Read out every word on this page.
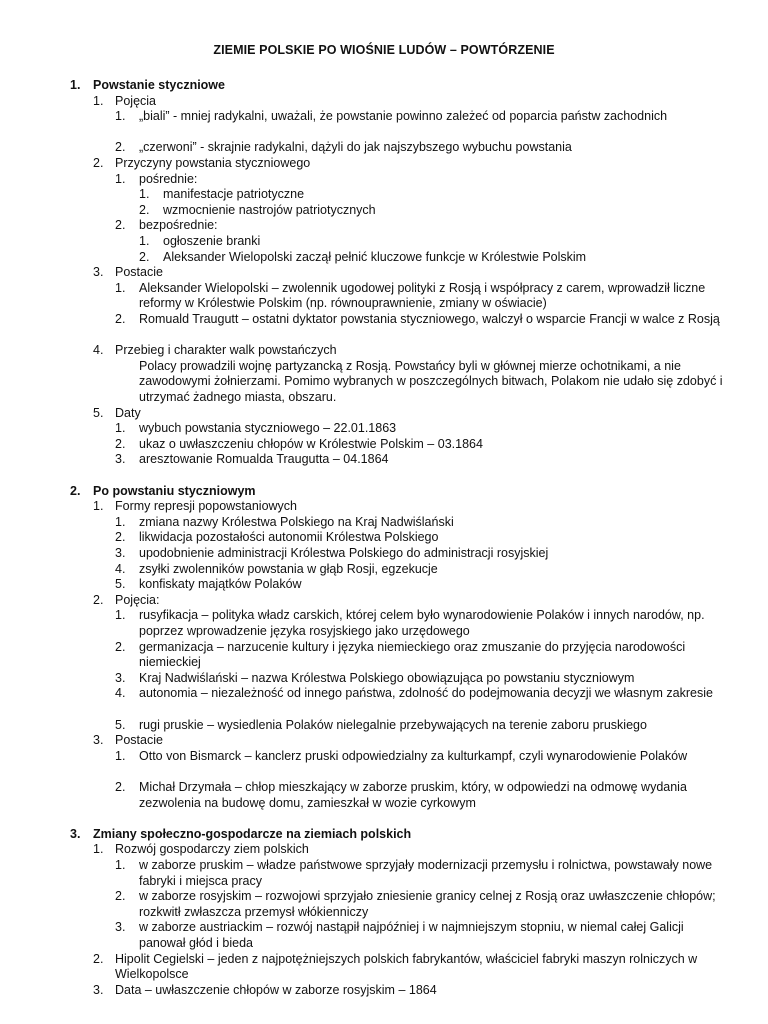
ZIEMIE POLSKIE PO WIOŚNIE LUDÓW – POWTÓRZENIE
1. Powstanie styczniowe
1. Pojęcia
1. „biali” - mniej radykalni, uważali, że powstanie powinno zależeć od poparcia państw zachodnich
2. „czerwoni” - skrajnie radykalni, dążyli do jak najszybszego wybuchu powstania
2. Przyczyny powstania styczniowego
1. pośrednie:
1. manifestacje patriotyczne
2. wzmocnienie nastrojów patriotycznych
2. bezpośrednie:
1. ogłoszenie branki
2. Aleksander Wielopolski zaczął pełnić kluczowe funkcje w Królestwie Polskim
3. Postacie
1. Aleksander Wielopolski – zwolennik ugodowej polityki z Rosją i współpracy z carem, wprowadził liczne reformy w Królestwie Polskim (np. równouprawnienie, zmiany w oświacie)
2. Romuald Traugutt – ostatni dyktator powstania styczniowego, walczył o wsparcie Francji w walce z Rosją
4. Przebieg i charakter walk powstańczych
Polacy prowadzili wojnę partyzancką z Rosją. Powstańcy byli w głównej mierze ochotnikami, a nie zawodowymi żołnierzami. Pomimo wybranych w poszczególnych bitwach, Polakom nie udało się zdobyć i utrzymać żadnego miasta, obszaru.
5. Daty
1. wybuch powstania styczniowego – 22.01.1863
2. ukaz o uwłaszczeniu chłopów w Królestwie Polskim – 03.1864
3. aresztowanie Romualda Traugutta – 04.1864
2. Po powstaniu styczniowym
1. Formy represji popowstaniowych
1. zmiana nazwy Królestwa Polskiego na Kraj Nadwiślański
2. likwidacja pozostałości autonomii Królestwa Polskiego
3. upodobnienie administracji Królestwa Polskiego do administracji rosyjskiej
4. zsyłki zwolenników powstania w głąb Rosji, egzekucje
5. konfiskaty majątków Polaków
2. Pojęcia:
1. rusyfikacja – polityka władz carskich, której celem było wynarodowienie Polaków i innych narodów, np. poprzez wprowadzenie języka rosyjskiego jako urzędowego
2. germanizacja – narzucenie kultury i języka niemieckiego oraz zmuszanie do przyjęcia narodowości niemieckiej
3. Kraj Nadwiślański – nazwa Królestwa Polskiego obowiązująca po powstaniu styczniowym
4. autonomia – niezależność od innego państwa, zdolność do podejmowania decyzji we własnym zakresie
5. rugi pruskie – wysiedlenia Polaków nielegalnie przebywających na terenie zaboru pruskiego
3. Postacie
1. Otto von Bismarck – kanclerz pruski odpowiedzialny za kulturkampf, czyli wynarodowienie Polaków
2. Michał Drzymała – chłop mieszkający w zaborze pruskim, który, w odpowiedzi na odmowę wydania zezwolenia na budowę domu, zamieszkał w wozie cyrkowym
3. Zmiany społeczno-gospodarcze na ziemiach polskich
1. Rozwój gospodarczy ziem polskich
1. w zaborze pruskim – władze państwowe sprzyjały modernizacji przemysłu i rolnictwa, powstawały nowe fabryki i miejsca pracy
2. w zaborze rosyjskim – rozwojowi sprzyjało zniesienie granicy celnej z Rosją oraz uwłaszczenie chłopów; rozkwitł zwłaszcza przemysł włókienniczy
3. w zaborze austriackim – rozwój nastąpił najpóźniej i w najmniejszym stopniu, w niemal całej Galicji panował głód i bieda
2. Hipolit Cegielski – jeden z najpotężniejszych polskich fabrykantów, właściciel fabryki maszyn rolniczych w Wielkopolsce
3. Data – uwłaszczenie chłopów w zaborze rosyjskim – 1864
